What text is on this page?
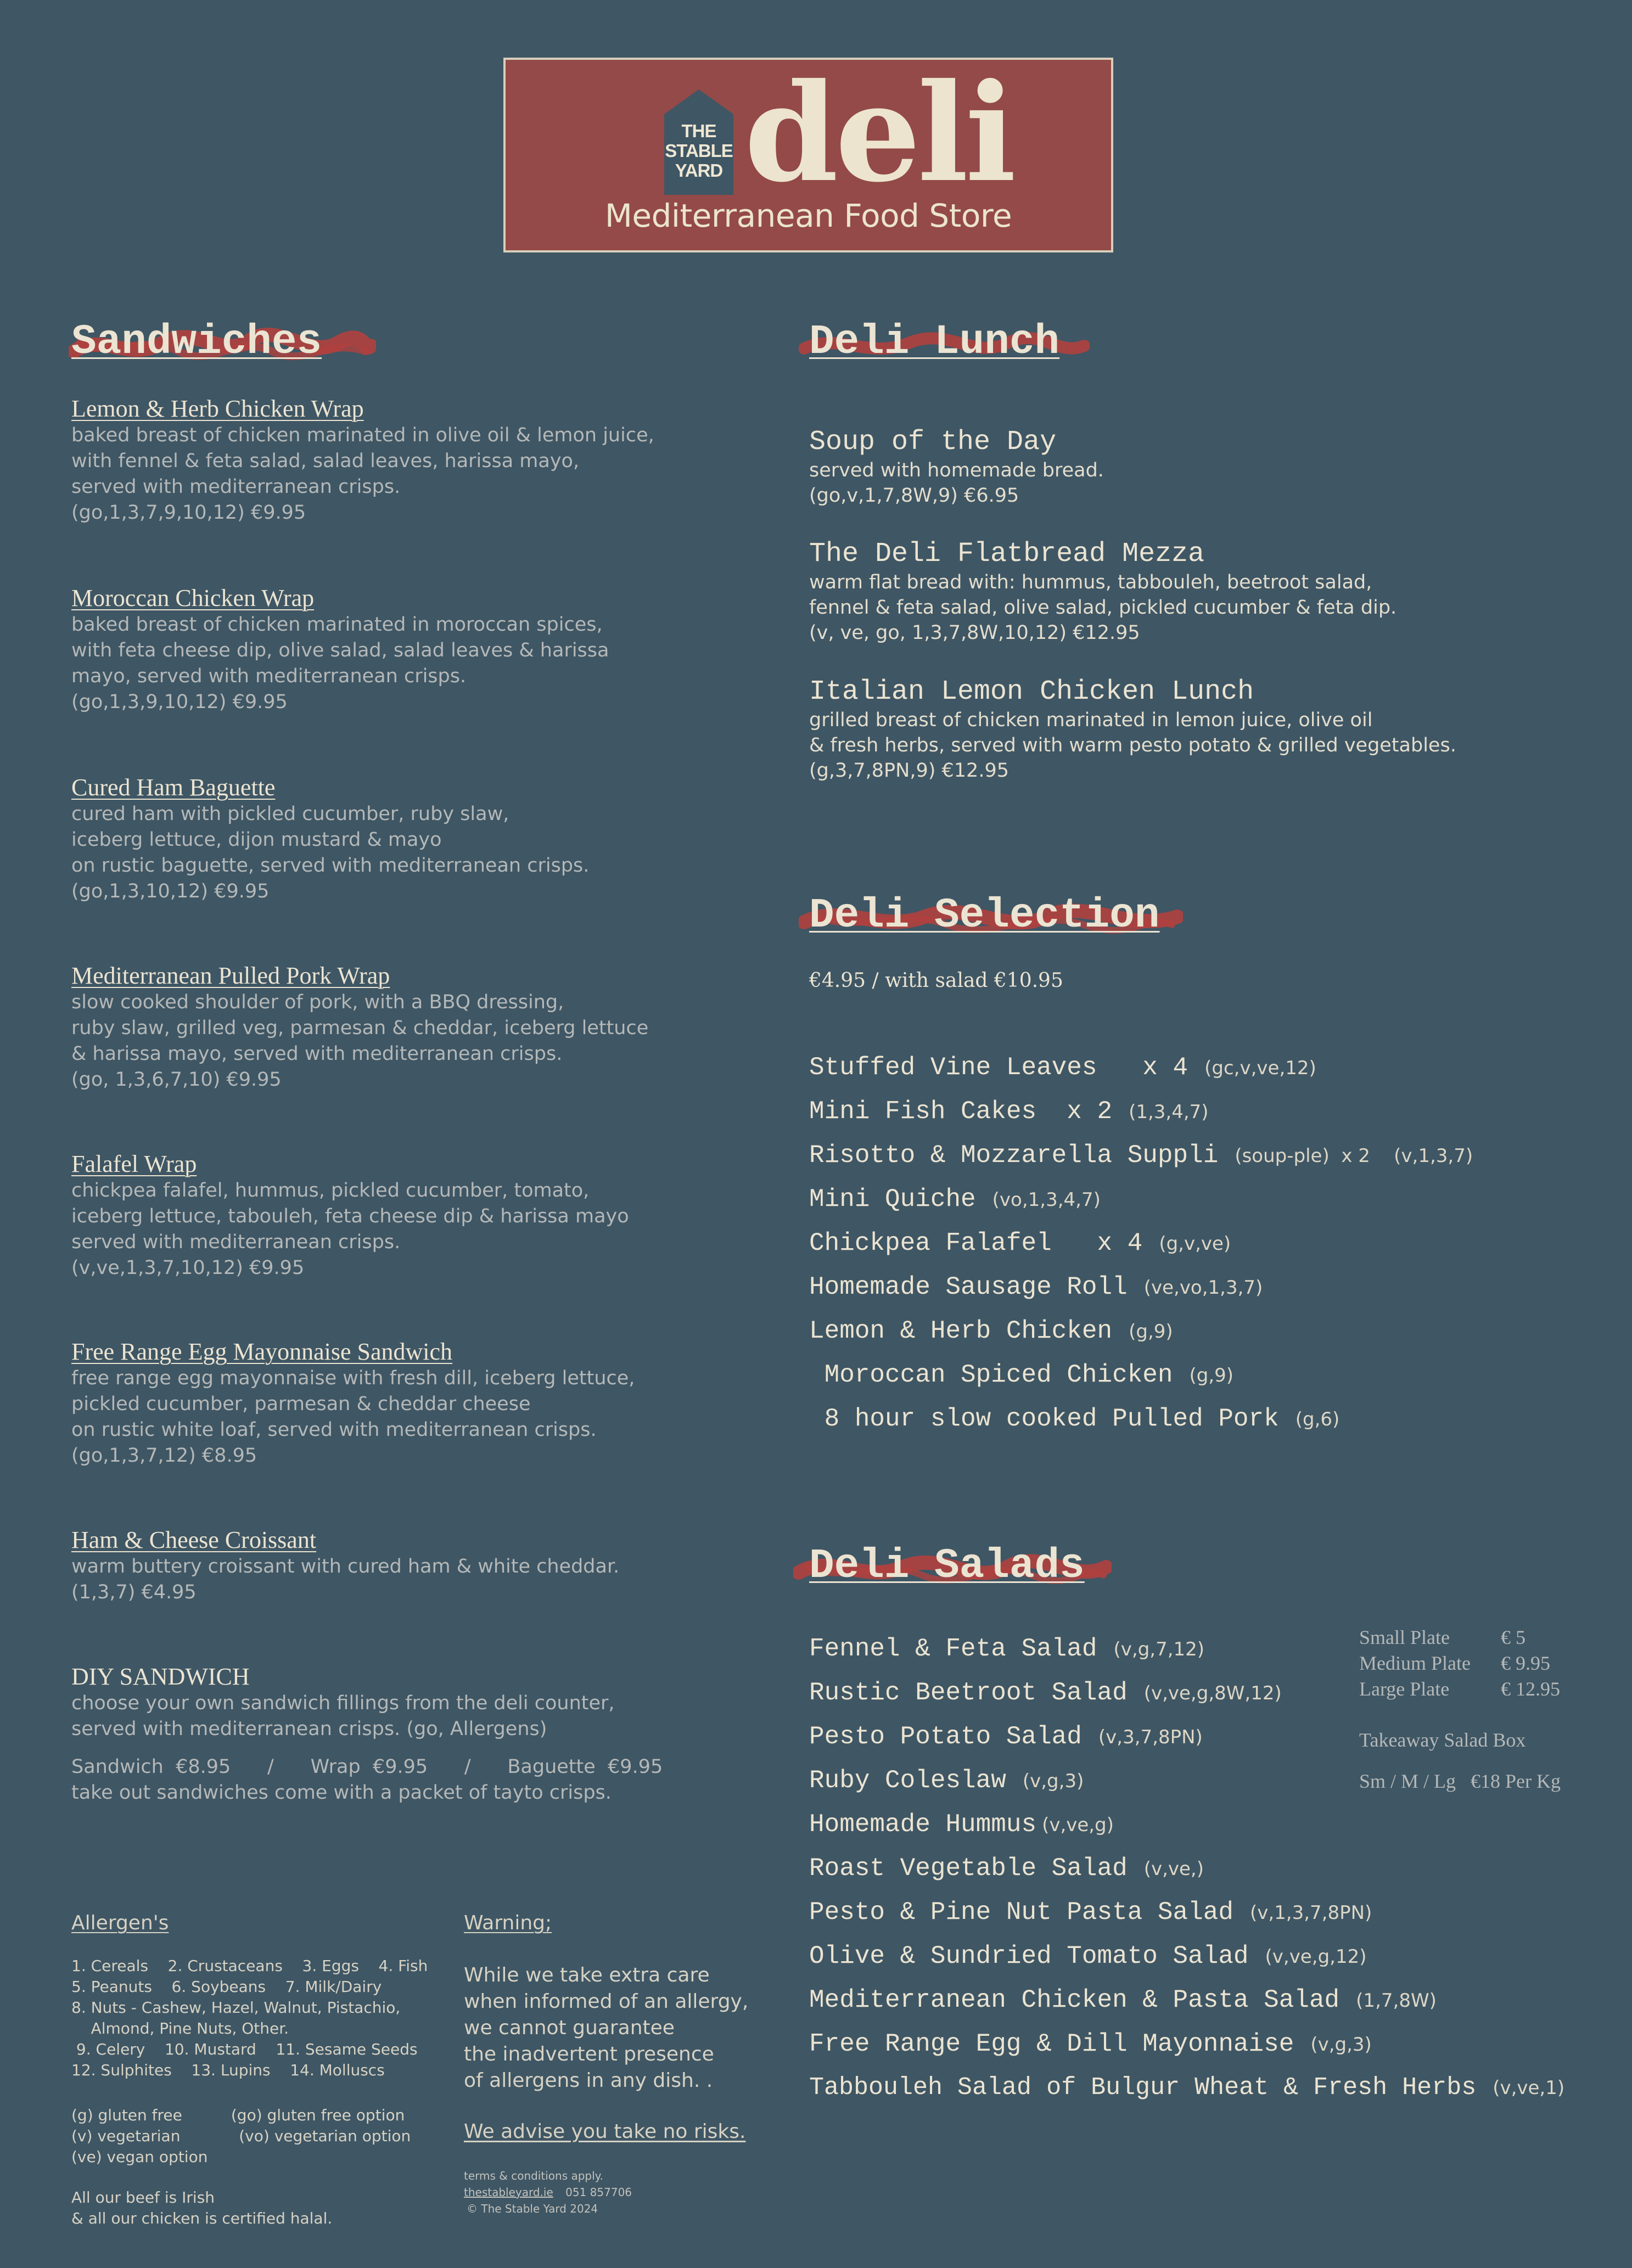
THE
STABLE
YARD deli
Mediterranean Food Store
Sandwiches
Lemon & Herb Chicken Wrap
baked breast of chicken marinated in olive oil & lemon juice,
with fennel & feta salad, salad leaves, harissa mayo,
served with mediterranean crisps.
(go,1,3,7,9,10,12) €9.95
Moroccan Chicken Wrap
baked breast of chicken marinated in moroccan spices,
with feta cheese dip, olive salad, salad leaves & harissa
mayo, served with mediterranean crisps.
(go,1,3,9,10,12) €9.95
Cured Ham Baguette
cured ham with pickled cucumber, ruby slaw,
iceberg lettuce, dijon mustard & mayo
on rustic baguette, served with mediterranean crisps.
(go,1,3,10,12) €9.95
Mediterranean Pulled Pork Wrap
slow cooked shoulder of pork, with a BBQ dressing,
ruby slaw, grilled veg, parmesan & cheddar, iceberg lettuce
& harissa mayo, served with mediterranean crisps.
(go, 1,3,6,7,10) €9.95
Falafel Wrap
chickpea falafel, hummus, pickled cucumber, tomato,
iceberg lettuce, tabouleh, feta cheese dip & harissa mayo
served with mediterranean crisps.
(v,ve,1,3,7,10,12) €9.95
Free Range Egg Mayonnaise Sandwich
free range egg mayonnaise with fresh dill, iceberg lettuce,
pickled cucumber, parmesan & cheddar cheese
on rustic white loaf, served with mediterranean crisps.
(go,1,3,7,12) €8.95
Ham & Cheese Croissant
warm buttery croissant with cured ham & white cheddar.
(1,3,7) €4.95
DIY SANDWICH
choose your own sandwich fillings from the deli counter,
served with mediterranean crisps. (go, Allergens)
Sandwich  €8.95      /      Wrap  €9.95      /      Baguette  €9.95
take out sandwiches come with a packet of tayto crisps.
Deli Lunch
Soup of the Day
served with homemade bread.
(go,v,1,7,8W,9) €6.95
The Deli Flatbread Mezza
warm flat bread with: hummus, tabbouleh, beetroot salad,
fennel & feta salad, olive salad, pickled cucumber & feta dip.
(v, ve, go, 1,3,7,8W,10,12) €12.95
Italian Lemon Chicken Lunch
grilled breast of chicken marinated in lemon juice, olive oil
& fresh herbs, served with warm pesto potato & grilled vegetables.
(g,3,7,8PN,9) €12.95
Deli Selection
€4.95 / with salad €10.95
Stuffed Vine Leaves   x 4 (gc,v,ve,12)
Mini Fish Cakes  x 2 (1,3,4,7)
Risotto & Mozzarella Suppli (soup-ple)  x 2    (v,1,3,7)
Mini Quiche (vo,1,3,4,7)
Chickpea Falafel   x 4 (g,v,ve)
Homemade Sausage Roll (ve,vo,1,3,7)
Lemon & Herb Chicken (g,9)
Moroccan Spiced Chicken (g,9)
8 hour slow cooked Pulled Pork (g,6)
Deli Salads
Fennel & Feta Salad (v,g,7,12)
Rustic Beetroot Salad (v,ve,g,8W,12)
Pesto Potato Salad (v,3,7,8PN)
Ruby Coleslaw (v,g,3)
Homemade Hummus (v,ve,g)
Roast Vegetable Salad (v,ve,)
Pesto & Pine Nut Pasta Salad (v,1,3,7,8PN)
Olive & Sundried Tomato Salad (v,ve,g,12)
Mediterranean Chicken & Pasta Salad (1,7,8W)
Free Range Egg & Dill Mayonnaise (v,g,3)
Tabbouleh Salad of Bulgur Wheat & Fresh Herbs (v,ve,1)
Small Plate	€ 5
Medium Plate € 9.95
Large Plate	€ 12.95
Takeaway Salad Box
Sm / M / Lg   €18 Per Kg
Allergen's
1. Cereals    2. Crustaceans    3. Eggs    4. Fish
5. Peanuts    6. Soybeans    7. Milk/Dairy
8. Nuts - Cashew, Hazel, Walnut, Pistachio,
Almond, Pine Nuts, Other.
9. Celery    10. Mustard    11. Sesame Seeds
12. Sulphites    13. Lupins    14. Molluscs
(g) gluten free          (go) gluten free option
(v) vegetarian            (vo) vegetarian option
(ve) vegan option
All our beef is Irish
& all our chicken is certified halal.
Warning;
While we take extra care
when informed of an allergy,
we cannot guarantee
the inadvertent presence
of allergens in any dish. .
We advise you take no risks.
terms & conditions apply.
thestableyard.ie 051 857706
© The Stable Yard 2024
